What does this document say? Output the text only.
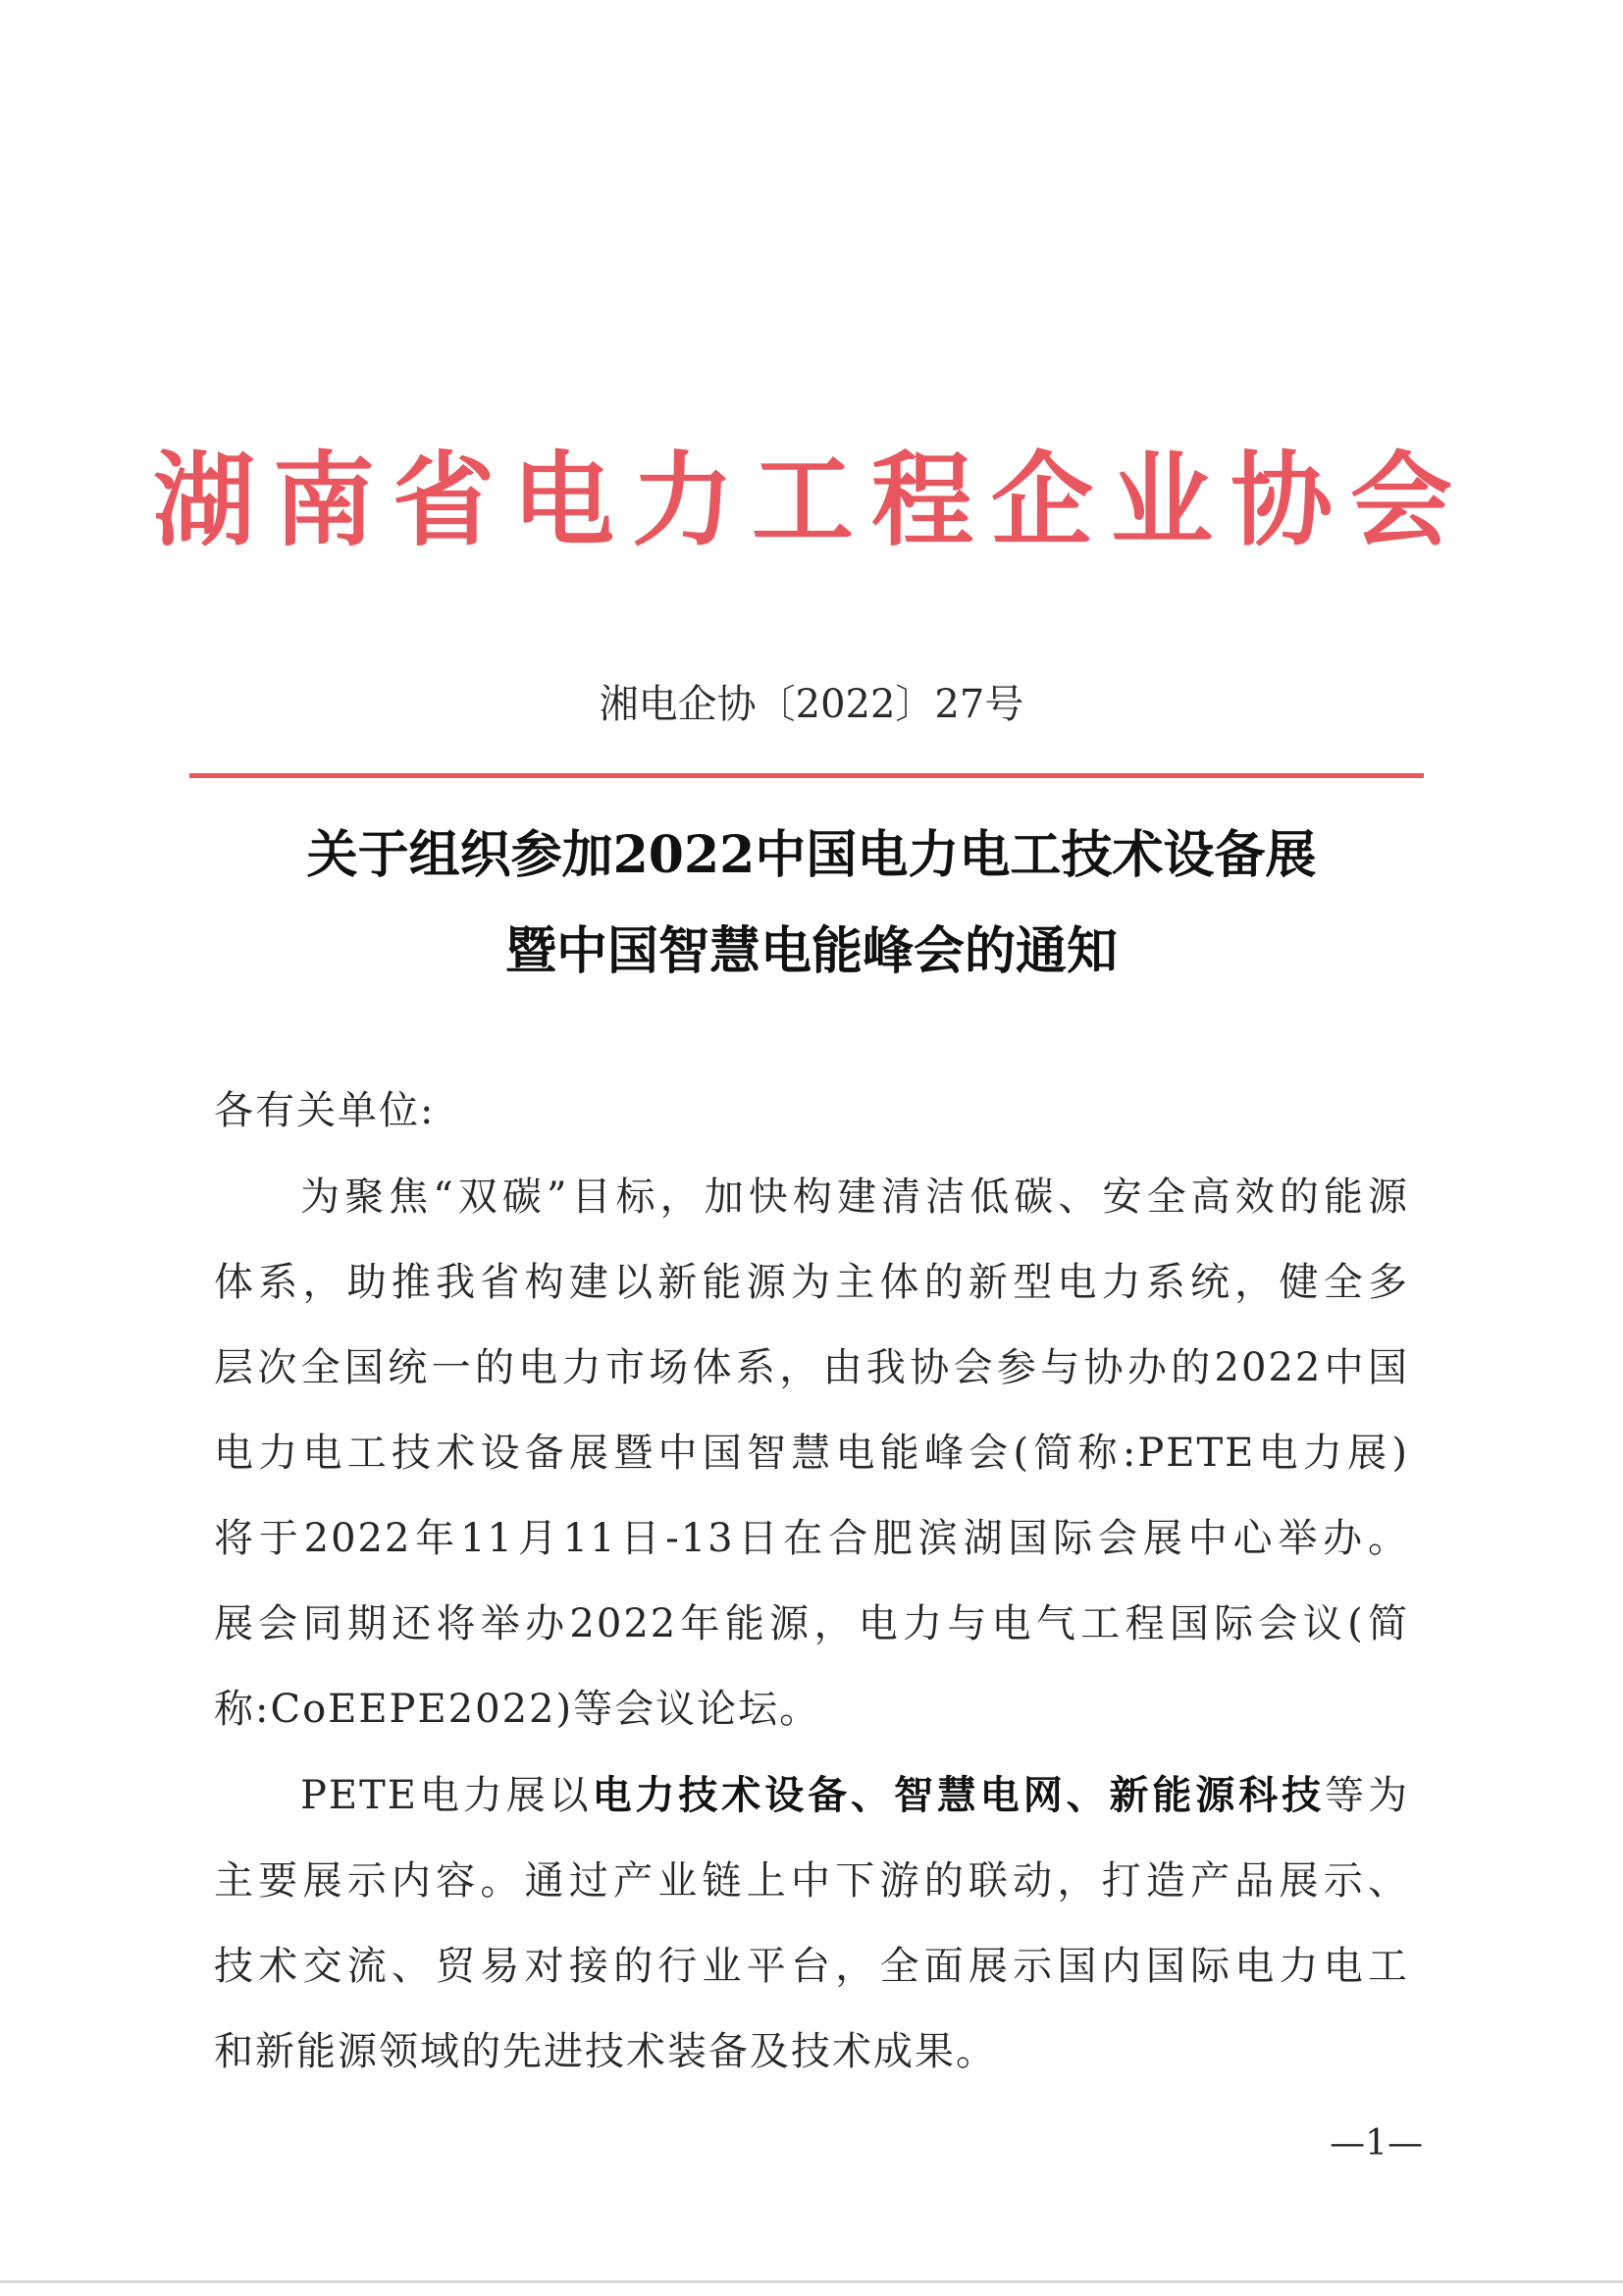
湖南省电力工程企业协会
湘电企协〔2022〕27号
关于组织参加2022中国电力电工技术设备展
暨中国智慧电能峰会的通知
各有关单位:
为聚焦“双碳”目标，加快构建清洁低碳、安全高效的能源
体系，助推我省构建以新能源为主体的新型电力系统，健全多
层次全国统一的电力市场体系，由我协会参与协办的2022中国
电力电工技术设备展暨中国智慧电能峰会(简称:PETE电力展)
将于2022年11月11日-13日在合肥滨湖国际会展中心举办。
展会同期还将举办2022年能源，电力与电气工程国际会议(简
称:CoEEPE2022)等会议论坛。
PETE电力展以电力技术设备、智慧电网、新能源科技等为
主要展示内容。通过产业链上中下游的联动，打造产品展示、
技术交流、贸易对接的行业平台，全面展示国内国际电力电工
和新能源领域的先进技术装备及技术成果。
—1—
